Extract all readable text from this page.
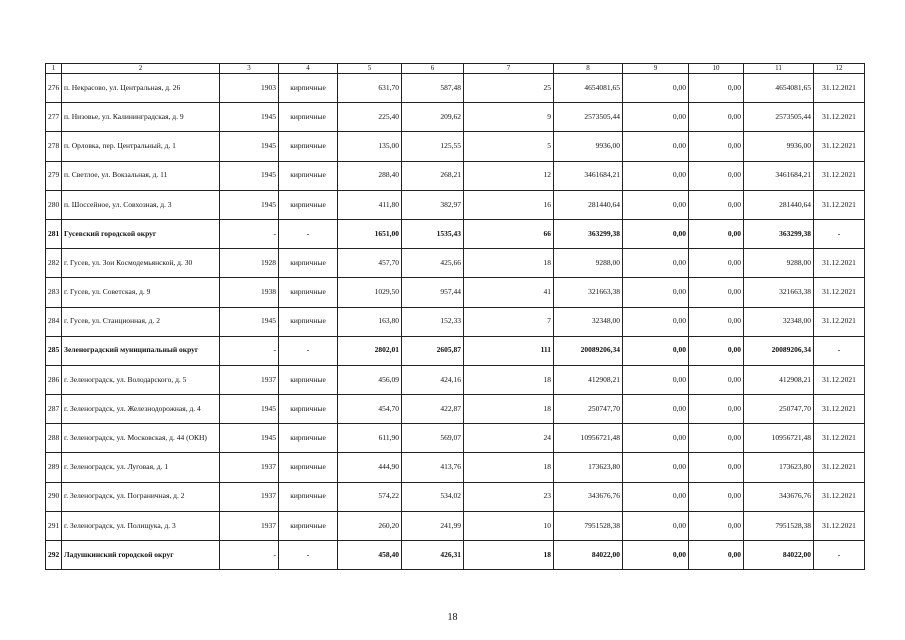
1	2	3	4	5	6	7	8	9	10	11	12
276	п. Некрасово, ул. Центральная, д. 26	1903	кирпичные	631,70	587,48	25	4654081,65	0,00	0,00	4654081,65	31.12.2021
277	п. Низовье, ул. Калининградская, д. 9	1945	кирпичные	225,40	209,62	9	2573505,44	0,00	0,00	2573505,44	31.12.2021
278	п. Орловка, пер. Центральный, д. 1	1945	кирпичные	135,00	125,55	5	9936,00	0,00	0,00	9936,00	31.12.2021
279	п. Светлое, ул. Вокзальная, д. 11	1945	кирпичные	288,40	268,21	12	3461684,21	0,00	0,00	3461684,21	31.12.2021
280	п. Шоссейное, ул. Совхозная, д. 3	1945	кирпичные	411,80	382,97	16	281440,64	0,00	0,00	281440,64	31.12.2021
281	Гусевский городской округ	-	-	1651,00	1535,43	66	363299,38	0,00	0,00	363299,38	-
282	г. Гусев, ул. Зои Космодемьянской, д. 30	1928	кирпичные	457,70	425,66	18	9288,00	0,00	0,00	9288,00	31.12.2021
283	г. Гусев, ул. Советская, д. 9	1938	кирпичные	1029,50	957,44	41	321663,38	0,00	0,00	321663,38	31.12.2021
284	г. Гусев, ул. Станционная, д. 2	1945	кирпичные	163,80	152,33	7	32348,00	0,00	0,00	32348,00	31.12.2021
285	Зеленоградский муниципальный округ	-	-	2802,01	2605,87	111	20089206,34	0,00	0,00	20089206,34	-
286	г. Зеленоградск, ул. Володарского, д. 5	1937	кирпичные	456,09	424,16	18	412908,21	0,00	0,00	412908,21	31.12.2021
287	г. Зеленоградск, ул. Железнодорожная, д. 4	1945	кирпичные	454,70	422,87	18	250747,70	0,00	0,00	250747,70	31.12.2021
288	г. Зеленоградск, ул. Московская, д. 44 (ОКН)	1945	кирпичные	611,90	569,07	24	10956721,48	0,00	0,00	10956721,48	31.12.2021
289	г. Зеленоградск, ул. Луговая, д. 1	1937	кирпичные	444,90	413,76	18	173623,80	0,00	0,00	173623,80	31.12.2021
290	г. Зеленоградск, ул. Пограничная, д. 2	1937	кирпичные	574,22	534,02	23	343676,76	0,00	0,00	343676,76	31.12.2021
291	г. Зеленоградск, ул. Полищука, д. 3	1937	кирпичные	260,20	241,99	10	7951528,38	0,00	0,00	7951528,38	31.12.2021
292	Ладушкинский городской округ	-	-	458,40	426,31	18	84022,00	0,00	0,00	84022,00	-
18
